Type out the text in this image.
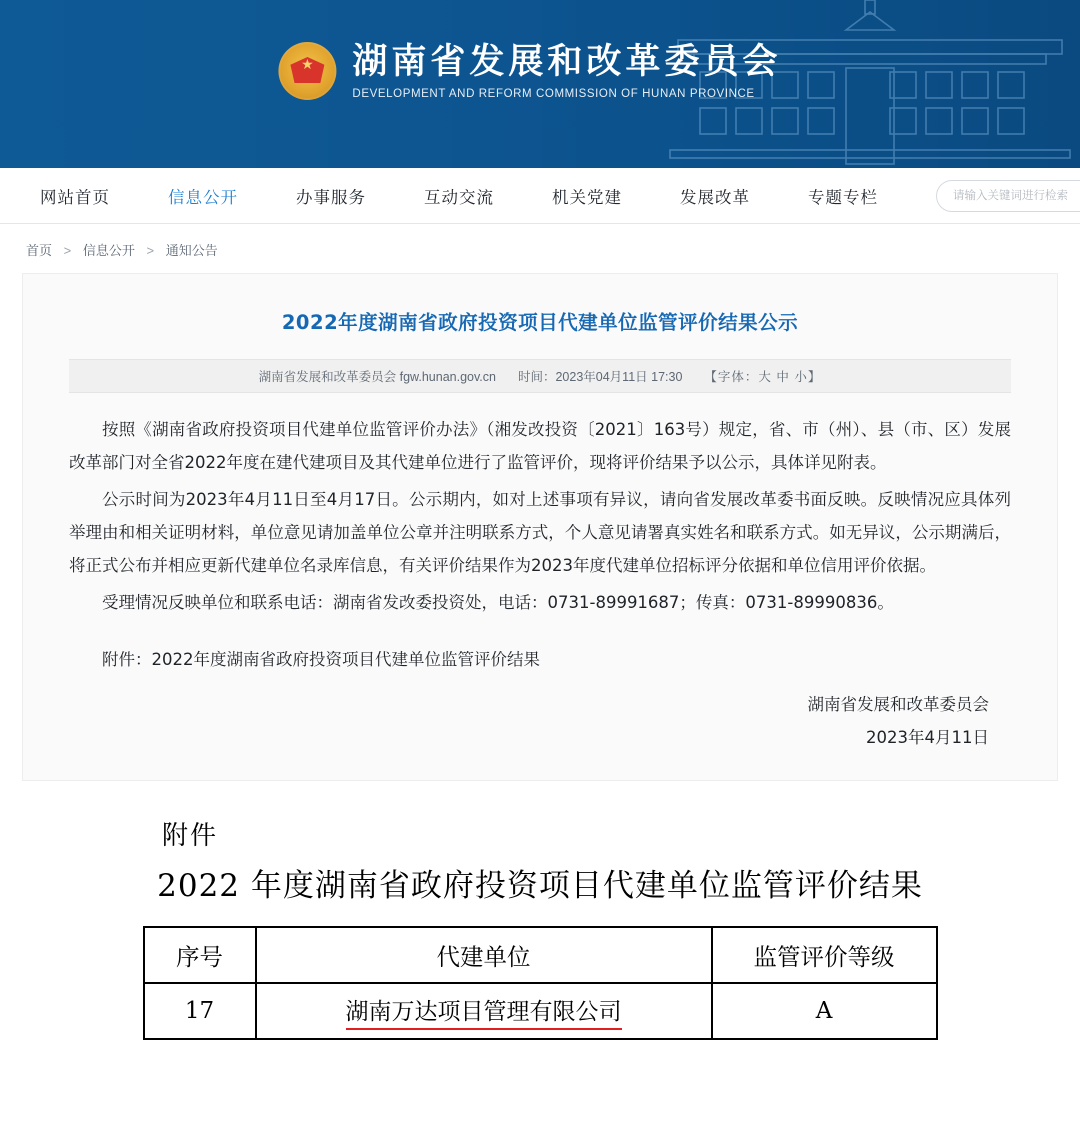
★
湖南省发展和改革委员会
DEVELOPMENT AND REFORM COMMISSION OF HUNAN PROVINCE
网站首页	信息公开	办事服务	互动交流	机关党建	发展改革	专题专栏
请输入关键词进行检索
首页 > 信息公开 > 通知公告
2022年度湖南省政府投资项目代建单位监管评价结果公示
湖南省发展和改革委员会 fgw.hunan.gov.cn 时间：2023年04月11日 17:30 【字体：大 中 小】

按照《湖南省政府投资项目代建单位监管评价办法》（湘发改投资〔2021〕163号）规定，省、市（州）、县（市、区）发展改革部门对全省2022年度在建代建项目及其代建单位进行了监管评价，现将评价结果予以公示，具体详见附表。

公示时间为2023年4月11日至4月17日。公示期内，如对上述事项有异议，请向省发展改革委书面反映。反映情况应具体列举理由和相关证明材料，单位意见请加盖单位公章并注明联系方式，个人意见请署真实姓名和联系方式。如无异议，公示期满后，将正式公布并相应更新代建单位名录库信息，有关评价结果作为2023年度代建单位招标评分依据和单位信用评价依据。

受理情况反映单位和联系电话：湖南省发改委投资处，电话：0731-89991687；传真：0731-89990836。

附件：2022年度湖南省政府投资项目代建单位监管评价结果

湖南省发展和改革委员会
2023年4月11日
附件
2022 年度湖南省政府投资项目代建单位监管评价结果
序号	代建单位	监管评价等级
17	湖南万达项目管理有限公司	A
